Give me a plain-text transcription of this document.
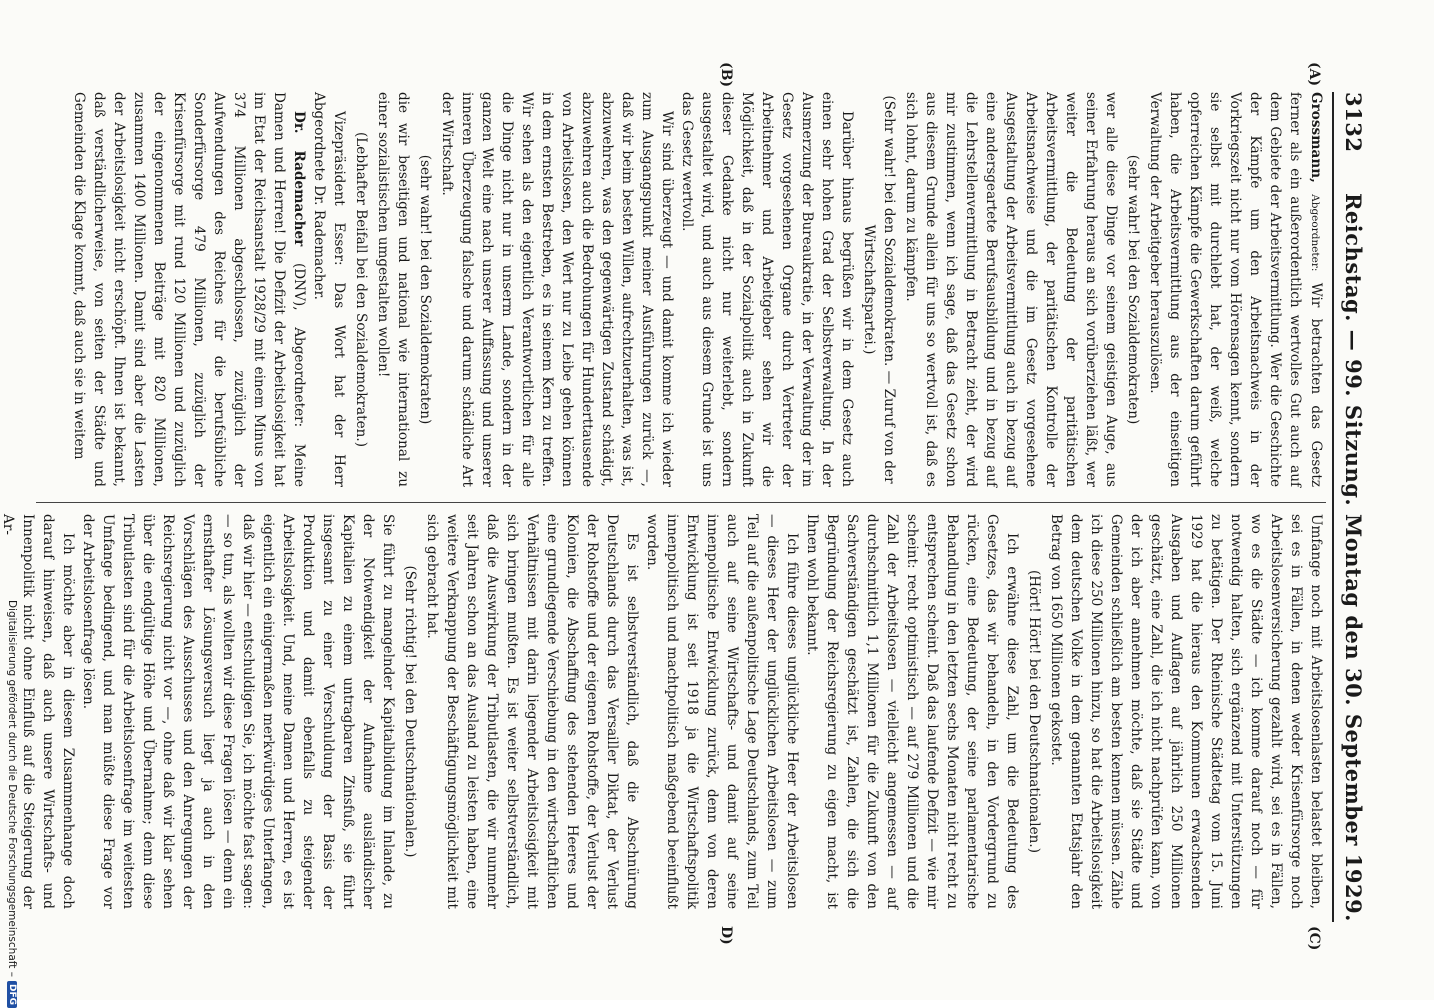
3132
Reichstag. — 99. Sitzung. Montag den 30. September 1929.
(A)
(B)
(C)
D)

Grossmann, Abgeordneter: Wir betrachten das Gesetz ferner als ein außerordentlich wertvolles Gut auch auf dem Gebiete der Arbeitsvermittlung. Wer die Geschichte der Kämpfe um den Arbeitsnachweis in der Vorkriegszeit nicht nur vom Hörensagen kennt, sondern sie selbst mit durchlebt hat, der weiß, welche opferreichen Kämpfe die Gewerkschaften darum geführt haben, die Arbeitsvermittlung aus der einseitigen Verwaltung der Arbeitgeber herauszulösen.

(sehr wahr! bei den Sozialdemokraten)

wer alle diese Dinge vor seinem geistigen Auge, aus seiner Erfahrung heraus an sich vorüberziehen läßt, wer weiter die Bedeutung der paritätischen Arbeitsvermittlung, der paritätischen Kontrolle der Arbeitsnachweise und die im Gesetz vorgesehene Ausgestaltung der Arbeitsvermittlung auch in bezug auf eine andersgeartete Berufsausbildung und in bezug auf die Lehrstellenvermittlung in Betracht zieht, der wird mir zustimmen, wenn ich sage, daß das Gesetz schon aus diesem Grunde allein für uns so wertvoll ist, daß es sich lohnt, darum zu kämpfen.

(Sehr wahr! bei den Sozialdemokraten. — Zuruf von der Wirtschaftspartei.)

Darüber hinaus begrüßen wir in dem Gesetz auch einen sehr hohen Grad der Selbstverwaltung. In der Ausmerzung der Bureaukratie, in der Verwaltung der im Gesetz vorgesehenen Organe durch Vertreter der Arbeitnehmer und Arbeitgeber sehen wir die Möglichkeit, daß in der Sozialpolitik auch in Zukunft dieser Gedanke nicht nur weiterlebt, sondern ausgestaltet wird, und auch aus diesem Grunde ist uns das Gesetz wertvoll.

Wir sind überzeugt — und damit komme ich wieder zum Ausgangspunkt meiner Ausführungen zurück —, daß wir beim besten Willen, aufrechtzuerhalten, was ist, abzuwehren, was den gegenwärtigen Zustand schädigt, abzuwehren auch die Bedrohungen für Hunderttausende von Arbeitslosen, den Wert nur zu Leibe gehen können in dem ernsten Bestreben, es in seinem Kern zu treffen. Wir sehen als den eigentlich Verantwortlichen für alle die Dinge nicht nur in unserm Lande, sondern in der ganzen Welt eine nach unserer Auffassung und unserer inneren Überzeugung falsche und darum schädliche Art der Wirtschaft.

(sehr wahr! bei den Sozialdemokraten)

die wir beseitigen und national wie international zu einer sozialistischen umgestalten wollen!

(Lebhafter Beifall bei den Sozialdemokraten.)

Vizepräsident Esser: Das Wort hat der Herr Abgeordnete Dr. Rademacher.

Dr. Rademacher (DNV), Abgeordneter: Meine Damen und Herren! Die Defizit der Arbeitslosigkeit hat im Etat der Reichsanstalt 1928/29 mit einem Minus von 374 Millionen abgeschlossen, zuzüglich der Aufwendungen des Reiches für die berufsübliche Sonderfürsorge 479 Millionen, zuzüglich der Krisenfürsorge mit rund 120 Millionen und zuzüglich der eingenommenen Beiträge mit 820 Millionen, zusammen 1400 Millionen. Damit sind aber die Lasten der Arbeitslosigkeit nicht erschöpft. Ihnen ist bekannt, daß verständlicherweise, von seiten der Städte und Gemeinden die Klage kommt, daß auch sie in weitem

Umfange noch mit Arbeitslosenlasten belastet bleiben, sei es in Fällen, in denen weder Krisenfürsorge noch Arbeitslosenversicherung gezahlt wird, sei es in Fällen, wo es die Städte — ich komme darauf noch — für notwendig halten, sich ergänzend mit Unterstützungen zu betätigen. Der Rheinische Städtetag vom 15. Juni 1929 hat die hieraus den Kommunen erwachsenden Ausgaben und Auflagen auf jährlich 250 Millionen geschätzt, eine Zahl, die ich nicht nachprüfen kann, von der ich aber annehmen möchte, daß sie Städte und Gemeinden schließlich am besten kennen müssen. Zähle ich diese 250 Millionen hinzu, so hat die Arbeitslosigkeit dem deutschen Volke in dem genannten Etatsjahr den Betrag von 1650 Millionen gekostet.

(Hört! Hört! bei den Deutschnationalen.)

Ich erwähne diese Zahl, um die Bedeutung des Gesetzes, das wir behandeln, in den Vordergrund zu rücken, eine Bedeutung, der seine parlamentarische Behandlung in den letzten sechs Monaten nicht recht zu entsprechen scheint. Daß das laufende Defizit — wie mir scheint: recht optimistisch — auf 279 Millionen und die Zahl der Arbeitslosen — vielleicht angemessen — auf durchschnittlich 1,1 Millionen für die Zukunft von den Sachverständigen geschätzt ist, Zahlen, die sich die Begründung der Reichsregierung zu eigen macht, ist Ihnen wohl bekannt.

Ich führe dieses unglückliche Heer der Arbeitslosen — dieses Heer der unglücklichen Arbeitslosen — zum Teil auf die außenpolitische Lage Deutschlands, zum Teil auch auf seine Wirtschafts- und damit auf seine innenpolitische Entwicklung zurück, denn von deren Entwicklung ist seit 1918 ja die Wirtschaftspolitik innenpolitisch und machtpolitisch maßgebend beeinflußt worden.

Es ist selbstverständlich, daß die Abschnürung Deutschlands durch das Versailler Diktat, der Verlust der Rohstoffe und der eigenen Rohstoffe, der Verlust der Kolonien, die Abschaffung des stehenden Heeres und eine grundlegende Verschiebung in den wirtschaftlichen Verhältnissen mit darin liegender Arbeitslosigkeit mit sich bringen mußten. Es ist weiter selbstverständlich, daß die Auswirkung der Tributlasten, die wir nunmehr seit Jahren schon an das Ausland zu leisten haben, eine weitere Verknappung der Beschäftigungsmöglichkeit mit sich gebracht hat.

(Sehr richtig! bei den Deutschnationalen.)

Sie führt zu mangelnder Kapitalbildung im Inlande, zu der Notwendigkeit der Aufnahme ausländischer Kapitalien zu einem untragbaren Zinsfuß, sie führt insgesamt zu einer Verschuldung der Basis der Produktion und damit ebenfalls zu steigender Arbeitslosigkeit. Und, meine Damen und Herren, es ist eigentlich ein einigermaßen merkwürdiges Unterfangen, daß wir hier — entschuldigen Sie, ich möchte fast sagen: — so tun, als wollten wir diese Fragen lösen — denn ein ernsthafter Lösungsversuch liegt ja auch in den Vorschlägen des Ausschusses und den Anregungen der Reichsregierung nicht vor —, ohne daß wir klar sehen über die endgültige Höhe und Übernahme; denn diese Tributlasten sind für die Arbeitslosenfrage im weitesten Umfange bedingend, und man müßte diese Frage vor der Arbeitslosenfrage lösen.

Ich möchte aber in diesem Zusammenhange doch darauf hinweisen, daß auch unsere Wirtschafts- und Innenpolitik nicht ohne Einfluß auf die Steigerung der Ar-

Digitalisierung gefördert durch die Deutsche Forschungsgemeinschaft –
DFG
